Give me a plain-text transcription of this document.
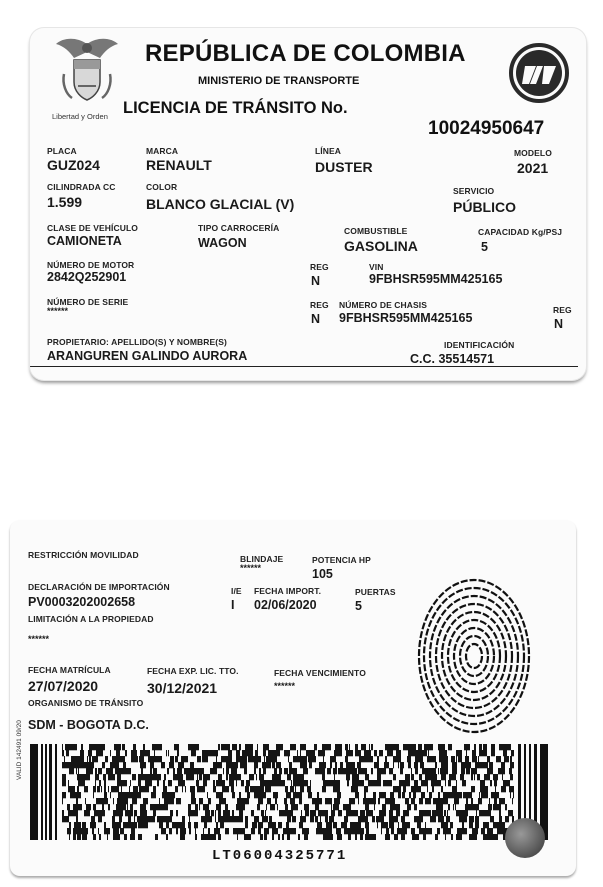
Libertad y Orden
REPÚBLICA DE COLOMBIA
MINISTERIO DE TRANSPORTE
LICENCIA DE TRÁNSITO No.
10024950647
PLACA
GUZ024
MARCA
RENAULT
LÍNEA
DUSTER
MODELO
2021
CILINDRADA CC
1.599
COLOR
BLANCO GLACIAL (V)
SERVICIO
PÚBLICO
CLASE DE VEHÍCULO
CAMIONETA
TIPO CARROCERÍA
WAGON
COMBUSTIBLE
GASOLINA
CAPACIDAD Kg/PSJ
5
NÚMERO DE MOTOR
2842Q252901
REG
N
VIN
9FBHSR595MM425165
NÚMERO DE SERIE
******
REG
N
NÚMERO DE CHASIS
9FBHSR595MM425165
REG
N
PROPIETARIO: APELLIDO(S) Y NOMBRE(S)
ARANGUREN GALINDO AURORA
IDENTIFICACIÓN
C.C. 35514571
RESTRICCIÓN MOVILIDAD	BLINDAJE
******
POTENCIA HP
105
DECLARACIÓN DE IMPORTACIÓN
PV0003202002658
I/E
I
FECHA IMPORT.
02/06/2020
PUERTAS
5
LIMITACIÓN A LA PROPIEDAD
******
FECHA MATRÍCULA
27/07/2020
FECHA EXP. LIC. TTO.
30/12/2021
FECHA VENCIMIENTO
******
ORGANISMO DE TRÁNSITO
SDM - BOGOTA D.C.
VALID 142491 09/20
LT06004325771
